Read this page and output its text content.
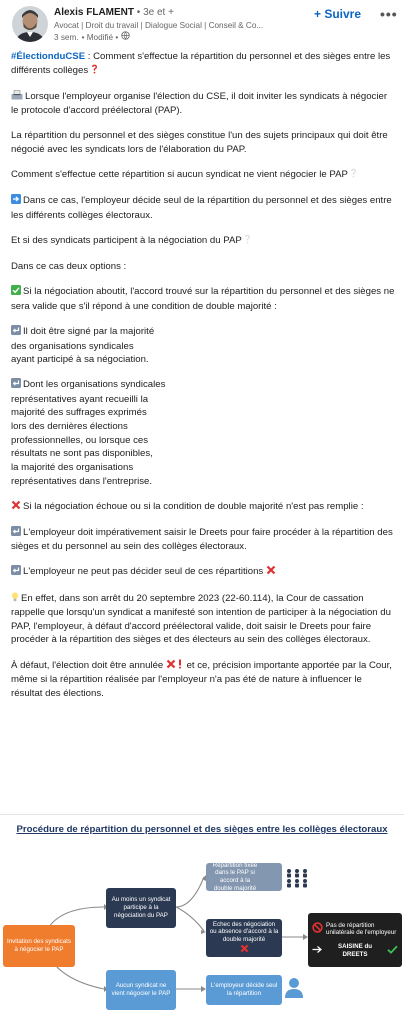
Alexis FLAMENT • 3e et +
Avocat | Droit du travail | Dialogue Social | Conseil & Co...
3 sem. • Modifié •
+ Suivre •••

#ÉlectionduCSE : Comment s'effectue la répartition du personnel et des sièges entre les différents collèges

Lorsque l'employeur organise l'élection du CSE, il doit inviter les syndicats à négocier le protocole d'accord préélectoral (PAP).

La répartition du personnel et des sièges constitue l'un des sujets principaux qui doit être négocié avec les syndicats lors de l'élaboration du PAP.

Comment s'effectue cette répartition si aucun syndicat ne vient négocier le PAP

Dans ce cas, l'employeur décide seul de la répartition du personnel et des sièges entre les différents collèges électoraux.

Et si des syndicats participent à la négociation du PAP

Dans ce cas deux options :

Si la négociation aboutit, l'accord trouvé sur la répartition du personnel et des sièges ne sera valide que s'il répond à une condition de double majorité :

Il doit être signé par la majorité
des organisations syndicales
ayant participé à sa négociation.

Dont les organisations syndicales
représentatives ayant recueilli la
majorité des suffrages exprimés
lors des dernières élections
professionnelles, ou lorsque ces
résultats ne sont pas disponibles,
la majorité des organisations
représentatives dans l'entreprise.

Si la négociation échoue ou si la condition de double majorité n'est pas remplie :

L'employeur doit impérativement saisir le Dreets pour faire procéder à la répartition des sièges et du personnel au sein des collèges électoraux.

L'employeur ne peut pas décider seul de ces répartitions

En effet, dans son arrêt du 20 septembre 2023 (22-60.114), la Cour de cassation rappelle que lorsqu'un syndicat a manifesté son intention de participer à la négociation du PAP, l'employeur, à défaut d'accord préélectoral valide, doit saisir le Dreets pour faire procéder à la répartition des sièges et des électeurs au sein des collèges électoraux.

À défaut, l'élection doit être annulée  et ce, précision importante apportée par la Cour, même si la répartition réalisée par l'employeur n'a pas été de nature à influencer le résultat des élections.

Procédure de répartition du personnel et des sièges entre les collèges électoraux
Invitation des syndicats à négocier le PAP
Au moins un syndicat participe à la négociation du PAP
Aucun syndicat ne vient négocier le PAP
Répartition fixée dans le PAP si accord à la double majorité
Echec des négociation ou absence d'accord à la double majorité
L'employeur décide seul la répartition
Pas de répartition unilatérale de l'employeur
SAISINE du DREETS
